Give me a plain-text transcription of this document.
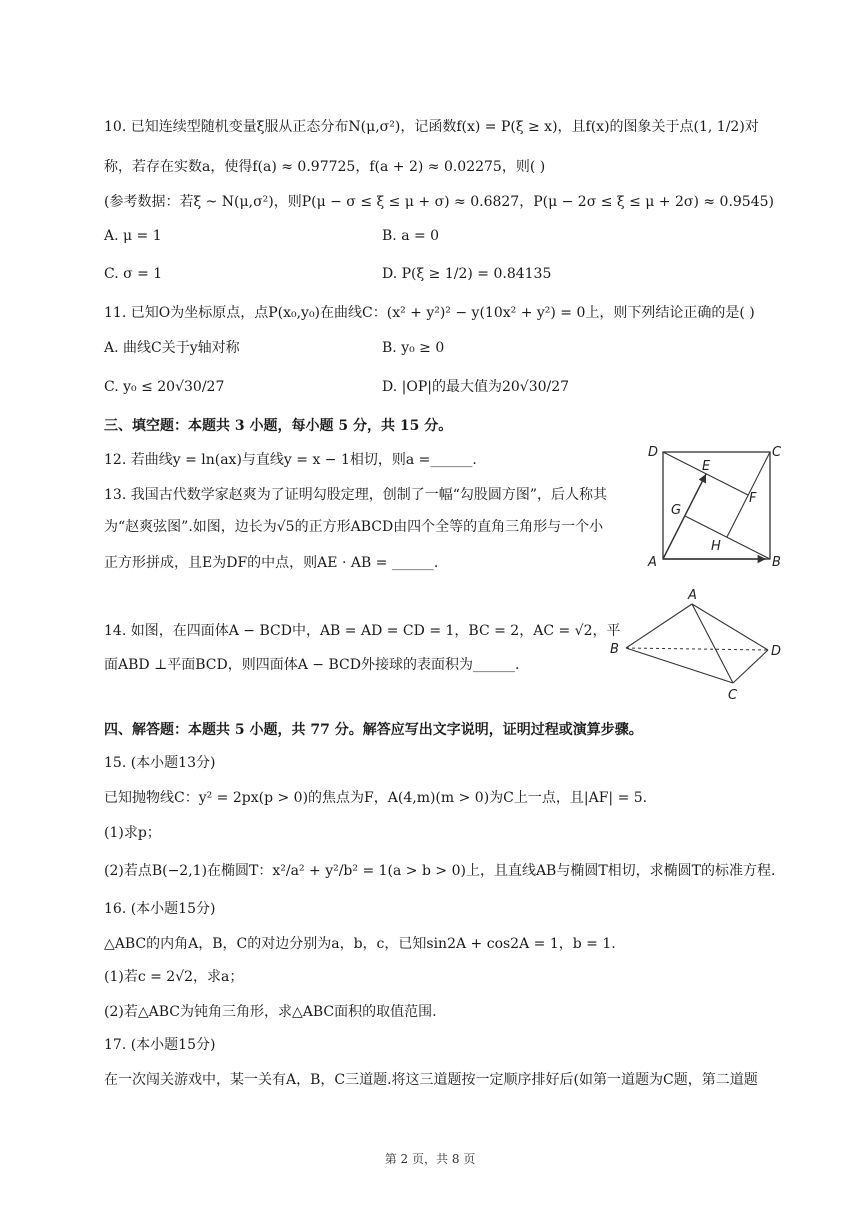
10. 已知连续型随机变量ξ服从正态分布N(μ,σ²)，记函数f(x) = P(ξ ≥ x)，且f(x)的图象关于点(1, 1/2)对
称，若存在实数a，使得f(a) ≈ 0.97725，f(a + 2) ≈ 0.02275，则( )
(参考数据：若ξ ~ N(μ,σ²)，则P(μ − σ ≤ ξ ≤ μ + σ) ≈ 0.6827，P(μ − 2σ ≤ ξ ≤ μ + 2σ) ≈ 0.9545)
A. μ = 1	B. a = 0
C. σ = 1	D. P(ξ ≥ 1/2) = 0.84135
11. 已知O为坐标原点，点P(x₀,y₀)在曲线C：(x² + y²)² − y(10x² + y²) = 0上，则下列结论正确的是( )
A. 曲线C关于y轴对称	B. y₀ ≥ 0
C. y₀ ≤ 20√30/27	D. |OP|的最大值为20√30/27
三、填空题：本题共 3 小题，每小题 5 分，共 15 分。
12. 若曲线y = ln(ax)与直线y = x − 1相切，则a =______.
13. 我国古代数学家赵爽为了证明勾股定理，创制了一幅“勾股圆方图”，后人称其
为“赵爽弦图”.如图，边长为√5的正方形ABCD由四个全等的直角三角形与一个小
正方形拼成，且E为DF的中点，则AE · AB = ______.
D	C
A	B
E
F
G
H
14. 如图，在四面体A − BCD中，AB = AD = CD = 1，BC = 2，AC = √2，平
面ABD ⊥平面BCD，则四面体A − BCD外接球的表面积为______.
A
B	D
C
四、解答题：本题共 5 小题，共 77 分。解答应写出文字说明，证明过程或演算步骤。
15. (本小题13分)
已知抛物线C：y² = 2px(p > 0)的焦点为F，A(4,m)(m > 0)为C上一点，且|AF| = 5.
(1)求p；
(2)若点B(−2,1)在椭圆T：x²/a² + y²/b² = 1(a > b > 0)上，且直线AB与椭圆T相切，求椭圆T的标准方程.
16. (本小题15分)
△ABC的内角A，B，C的对边分别为a，b，c，已知sin2A + cos2A = 1，b = 1.
(1)若c = 2√2，求a；
(2)若△ABC为钝角三角形，求△ABC面积的取值范围.
17. (本小题15分)
在一次闯关游戏中，某一关有A，B，C三道题.将这三道题按一定顺序排好后(如第一道题为C题，第二道题
第 2 页，共 8 页
